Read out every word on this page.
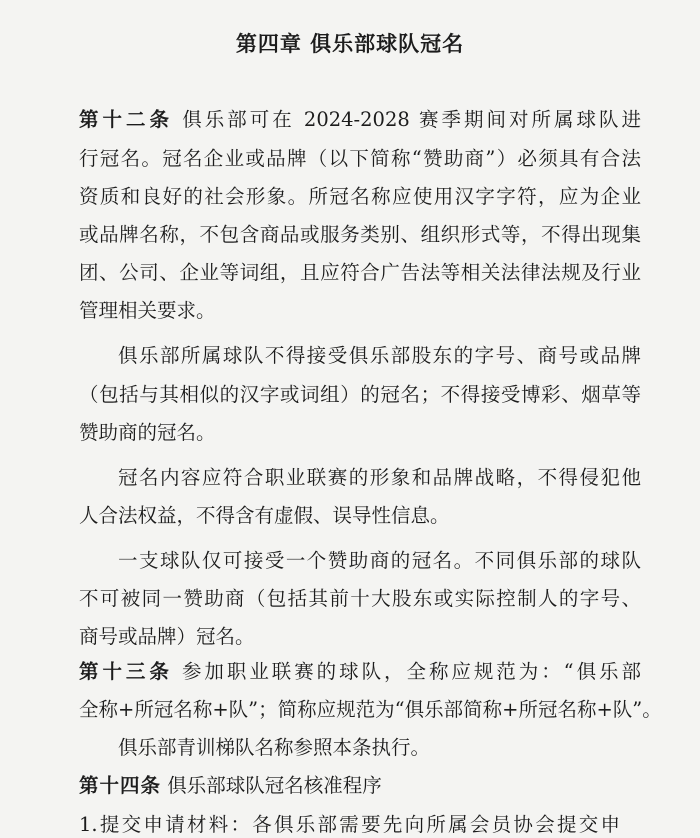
第四章 俱乐部球队冠名
第十二条 俱乐部可在 2024-2028 赛季期间对所属球队进
行冠名。冠名企业或品牌（以下简称“赞助商”）必须具有合法
资质和良好的社会形象。所冠名称应使用汉字字符，应为企业
或品牌名称，不包含商品或服务类别、组织形式等，不得出现集
团、公司、企业等词组，且应符合广告法等相关法律法规及行业
管理相关要求。
俱乐部所属球队不得接受俱乐部股东的字号、商号或品牌
（包括与其相似的汉字或词组）的冠名；不得接受博彩、烟草等
赞助商的冠名。
冠名内容应符合职业联赛的形象和品牌战略，不得侵犯他
人合法权益，不得含有虚假、误导性信息。
一支球队仅可接受一个赞助商的冠名。不同俱乐部的球队
不可被同一赞助商（包括其前十大股东或实际控制人的字号、
商号或品牌）冠名。
第十三条 参加职业联赛的球队，全称应规范为：“俱乐部
全称+所冠名称+队”；简称应规范为“俱乐部简称+所冠名称+队”。
俱乐部青训梯队名称参照本条执行。
第十四条 俱乐部球队冠名核准程序
1.提交申请材料：各俱乐部需要先向所属会员协会提交申
